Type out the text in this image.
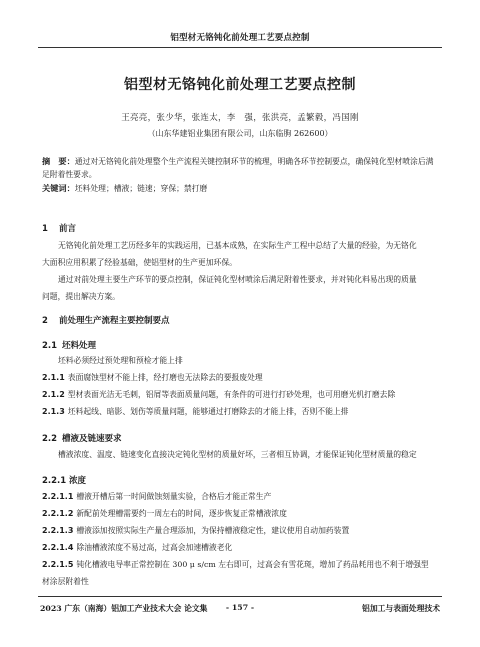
铝型材无铬钝化前处理工艺要点控制
铝型材无铬钝化前处理工艺要点控制
王亮亮，张少华，张连太，李　强，张洪亮，孟繁毅，冯国刚
（山东华建铝业集团有限公司，山东临朐 262600）
摘　要：通过对无铬钝化前处理整个生产流程关键控制环节的梳理，明确各环节控制要点，确保钝化型材喷涂后满
足附着性要求。
关键词：坯料处理；槽液；链速；穿保；禁打磨
1 前言
无铬钝化前处理工艺历经多年的实践运用，已基本成熟，在实际生产工程中总结了大量的经验，为无铬化
大面积应用积累了经验基础，使铝型材的生产更加环保。
通过对前处理主要生产环节的要点控制，保证钝化型材喷涂后满足附着性要求，并对钝化料易出现的质量
问题，提出解决方案。
2 前处理生产流程主要控制要点
2.1 坯料处理
坯料必须经过预处理和预检才能上排
2.1.1 表面腐蚀型材不能上排，经打磨也无法除去的要报废处理
2.1.2 型材表面光洁无毛刺，铝屑等表面质量问题，有条件的可进行打砂处理，也可用磨光机打磨去除
2.1.3 坯料起线、暗影、划伤等质量问题，能够通过打磨除去的才能上排，否则不能上排
2.2 槽液及链速要求
槽液浓度、温度、链速变化直接决定钝化型材的质量好坏，三者相互协调，才能保证钝化型材质量的稳定
2.2.1 浓度
2.2.1.1 槽液开槽后第一时间做蚀刻量实验，合格后才能正常生产
2.2.1.2 新配前处理槽需要约一周左右的时间，逐步恢复正常槽液浓度
2.2.1.3 槽液添加按照实际生产量合理添加，为保持槽液稳定性，建议使用自动加药装置
2.2.1.4 除油槽液浓度不易过高，过高会加速槽液老化
2.2.1.5 钝化槽液电导率正常控制在 300 μ s/cm 左右即可，过高会有雪花斑，增加了药品耗用也不利于增强型
材涂层附着性
2023 广东（南海）铝加工产业技术大会 论文集	- 157 -	铝加工与表面处理技术
